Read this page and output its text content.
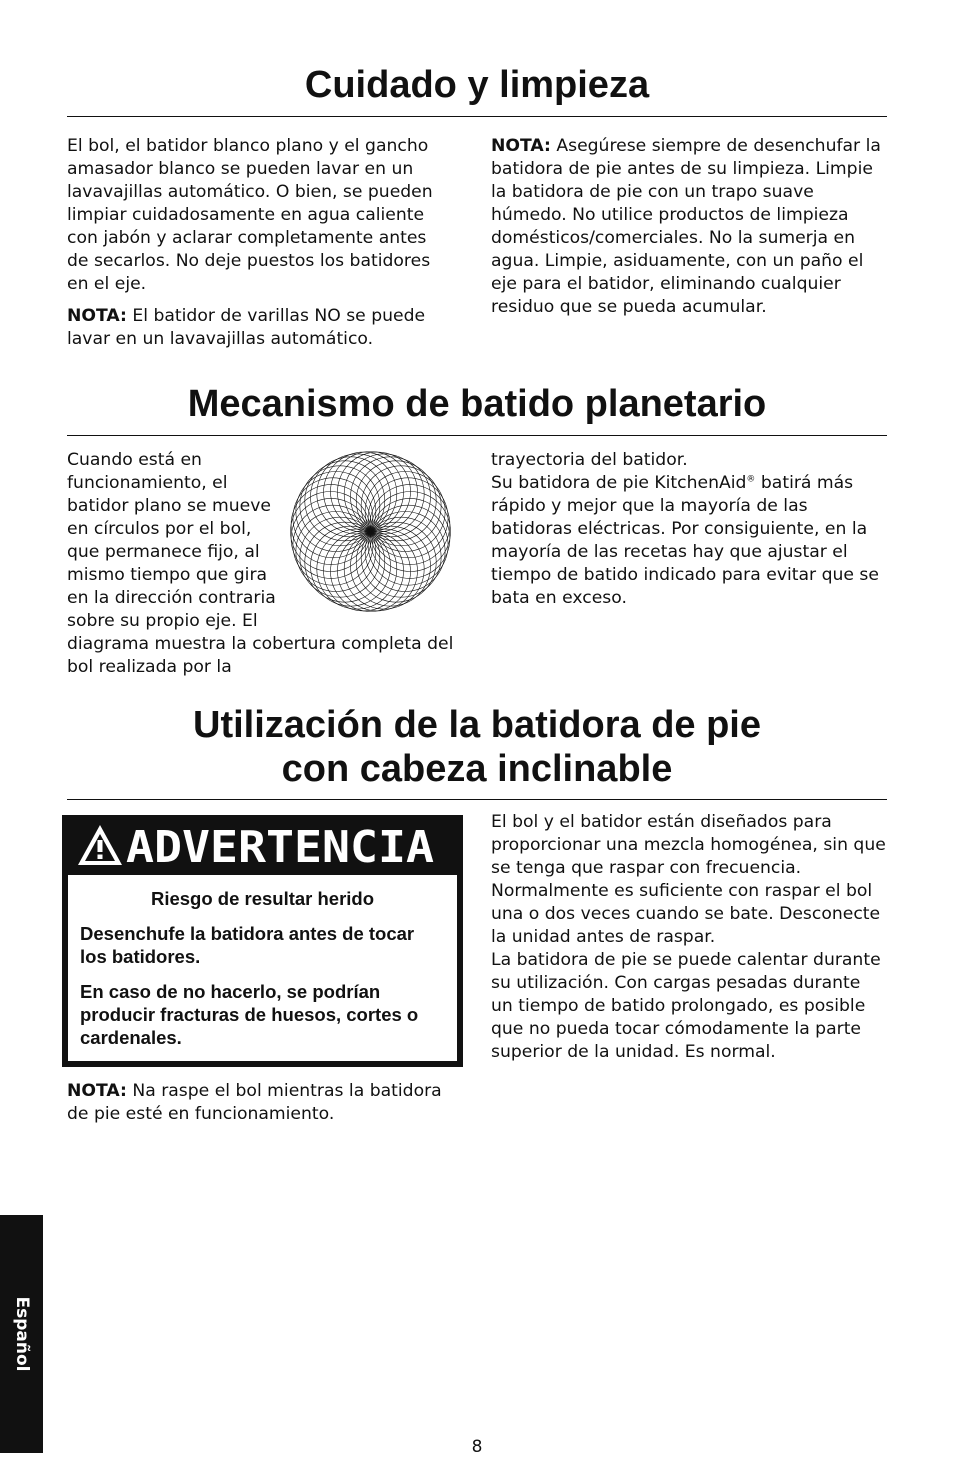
Cuidado y limpieza

El bol, el batidor blanco plano y el gancho amasador blanco se pueden lavar en un lavavajillas automático. O bien, se pueden limpiar cuidadosamente en agua caliente con jabón y aclarar completamente antes de secarlos. No deje puestos los batidores en el eje.

NOTA: El batidor de varillas NO se puede lavar en un lavavajillas automático.

NOTA: Asegúrese siempre de desenchufar la batidora de pie antes de su limpieza. Limpie la batidora de pie con un trapo suave húmedo. No utilice productos de limpieza domésticos/comerciales. No la sumerja en agua. Limpie, asiduamente, con un paño el eje para el batidor, eliminando cualquier residuo que se pueda acumular.

Mecanismo de batido planetario

Cuando está en funcionamiento, el batidor plano se mueve en círculos por el bol, que permanece fijo, al mismo tiempo que gira en la dirección contraria sobre su propio eje. El diagrama muestra la cobertura completa del bol realizada por la

trayectoria del batidor.

Su batidora de pie KitchenAid® batirá más rápido y mejor que la mayoría de las batidoras eléctricas. Por consiguiente, en la mayoría de las recetas hay que ajustar el tiempo de batido indicado para evitar que se bata en exceso.

Utilización de la batidora de pie
con cabeza inclinable
ADVERTENCIA

Riesgo de resultar herido

Desenchufe la batidora antes de tocar los batidores.

En caso de no hacerlo, se podrían producir fracturas de huesos, cortes o cardenales.

NOTA: Na raspe el bol mientras la batidora de pie esté en funcionamiento.

El bol y el batidor están diseñados para proporcionar una mezcla homogénea, sin que se tenga que raspar con frecuencia. Normalmente es suficiente con raspar el bol una o dos veces cuando se bate. Desconecte la unidad antes de raspar.

La batidora de pie se puede calentar durante su utilización. Con cargas pesadas durante un tiempo de batido prolongado, es posible que no pueda tocar cómodamente la parte superior de la unidad. Es normal.

Español
8
